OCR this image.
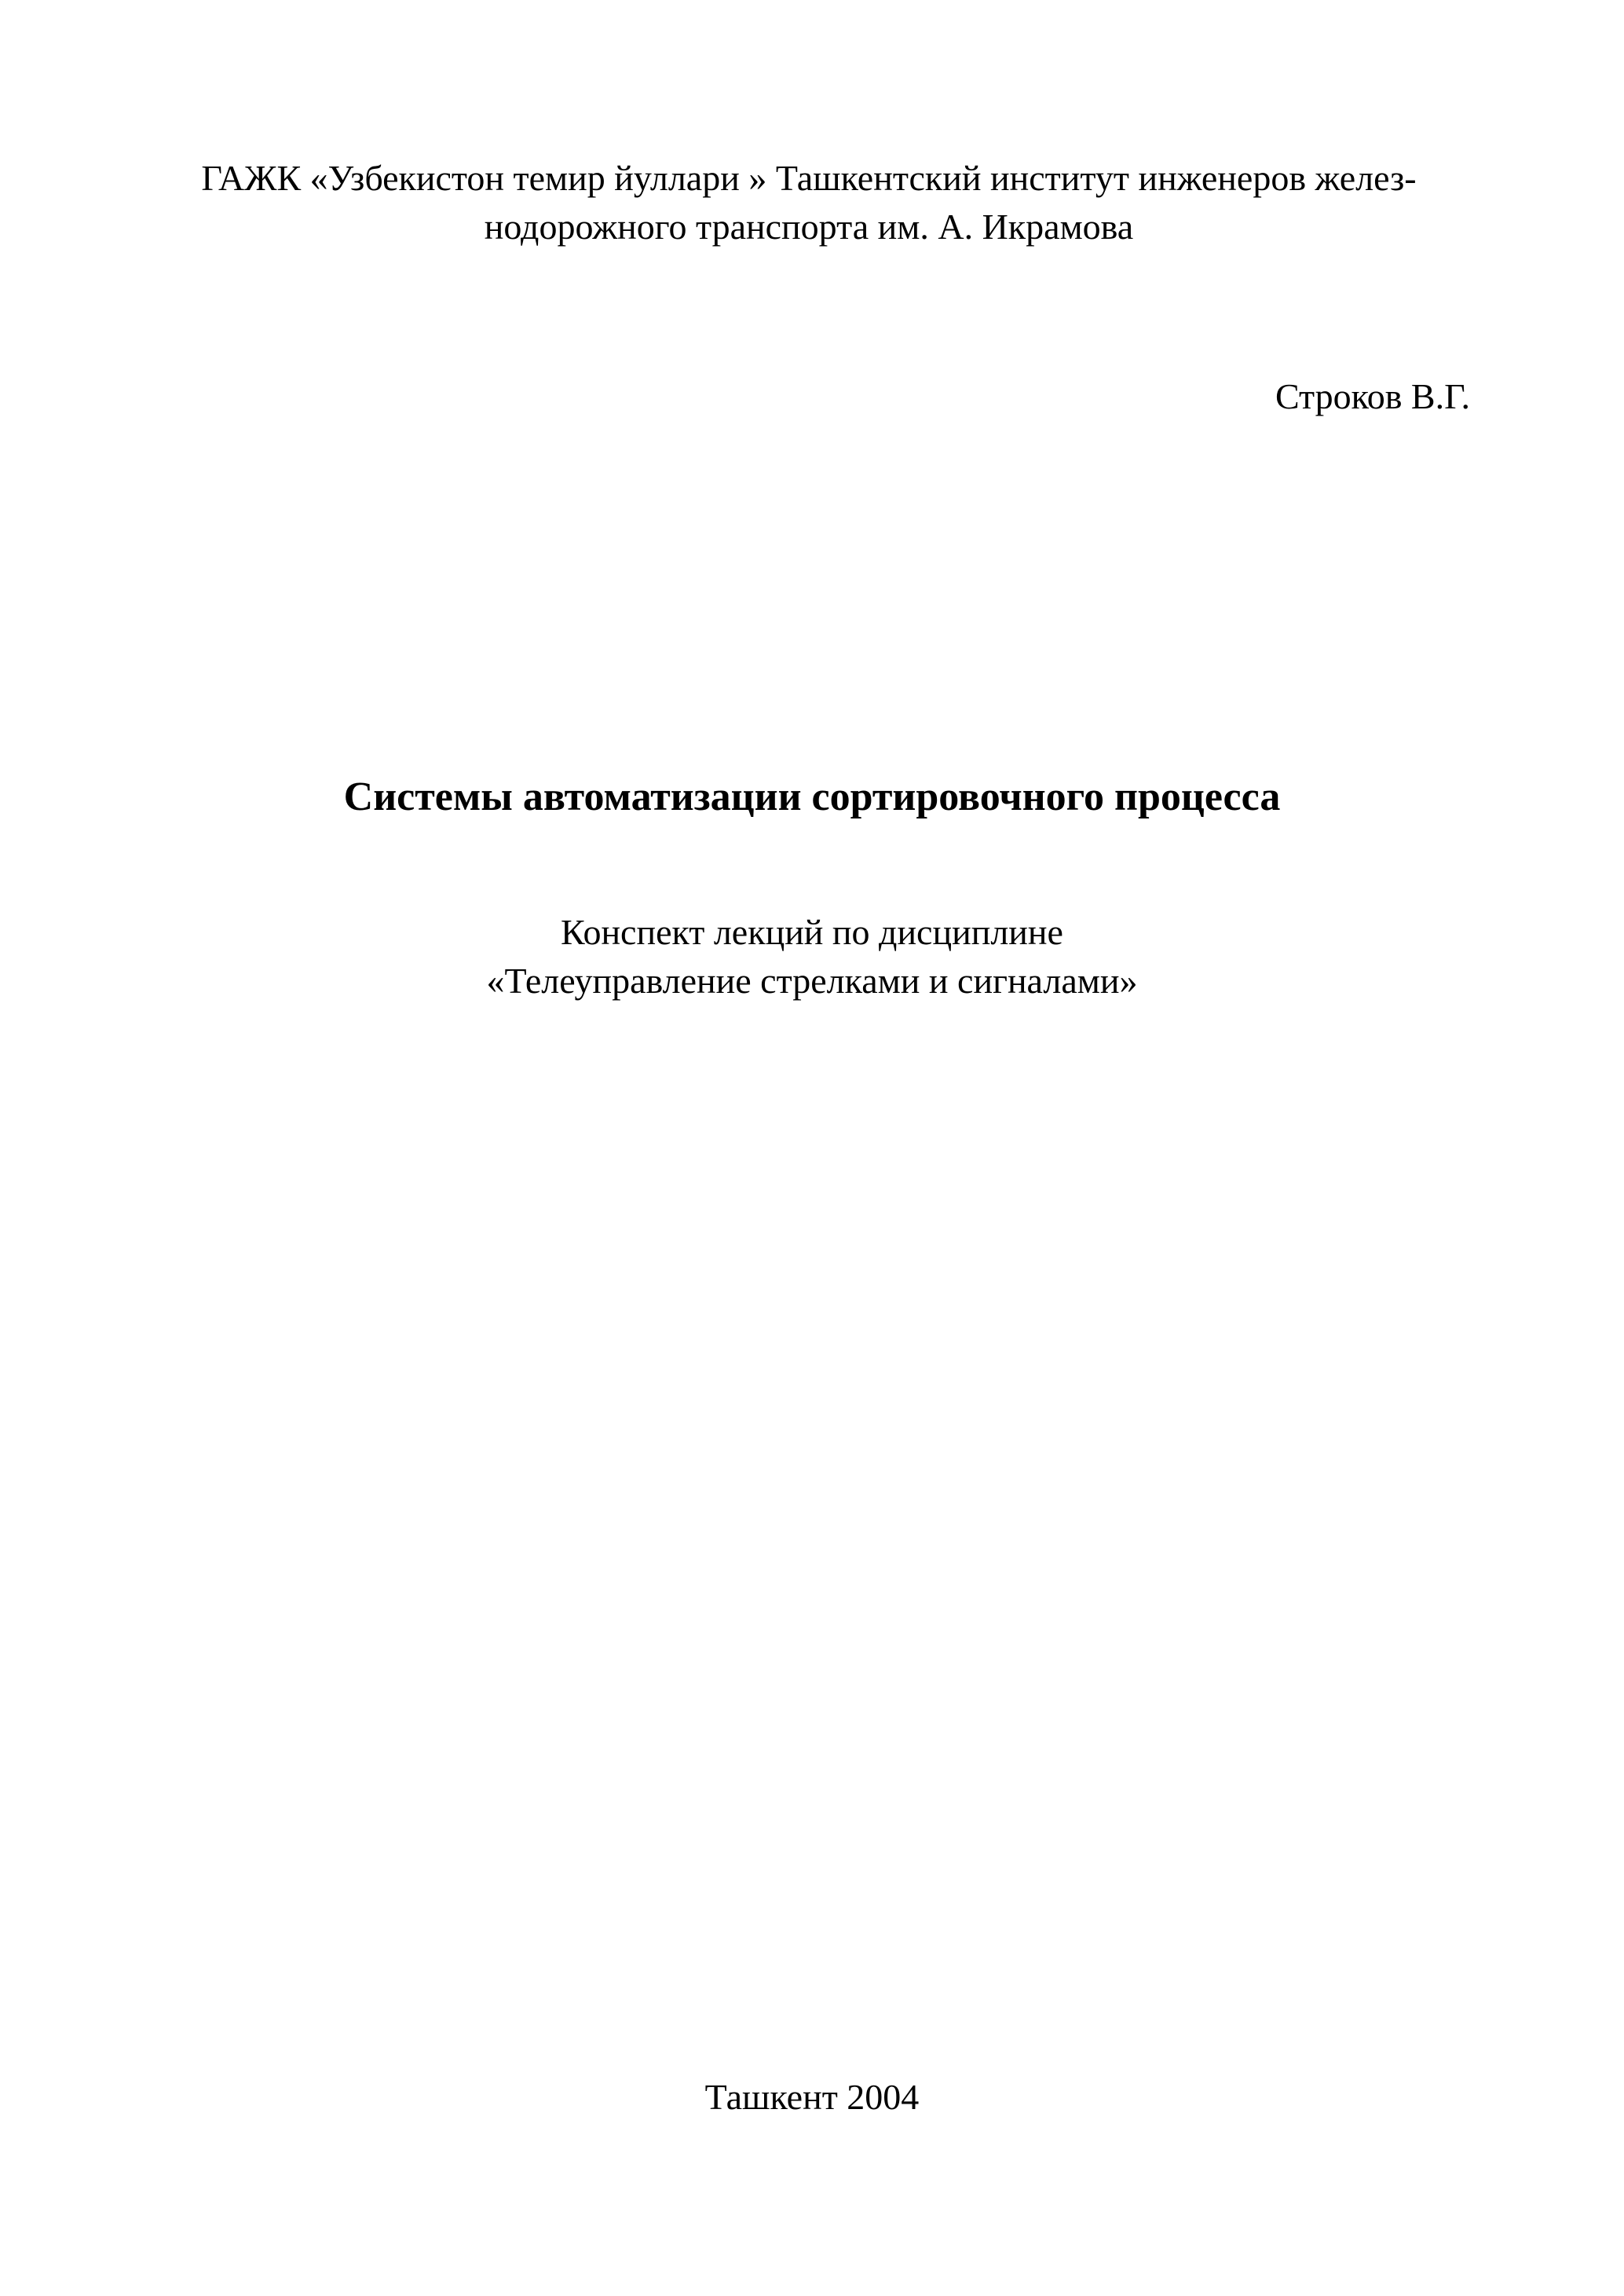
ГАЖК «Узбекистон темир йуллари » Ташкентский институт инженеров желез-
нодорожного транспорта им. А. Икрамова
Строков В.Г.
Системы автоматизации сортировочного процесса
Конспект лекций по дисциплине
«Телеуправление стрелками и сигналами»
Ташкент 2004
